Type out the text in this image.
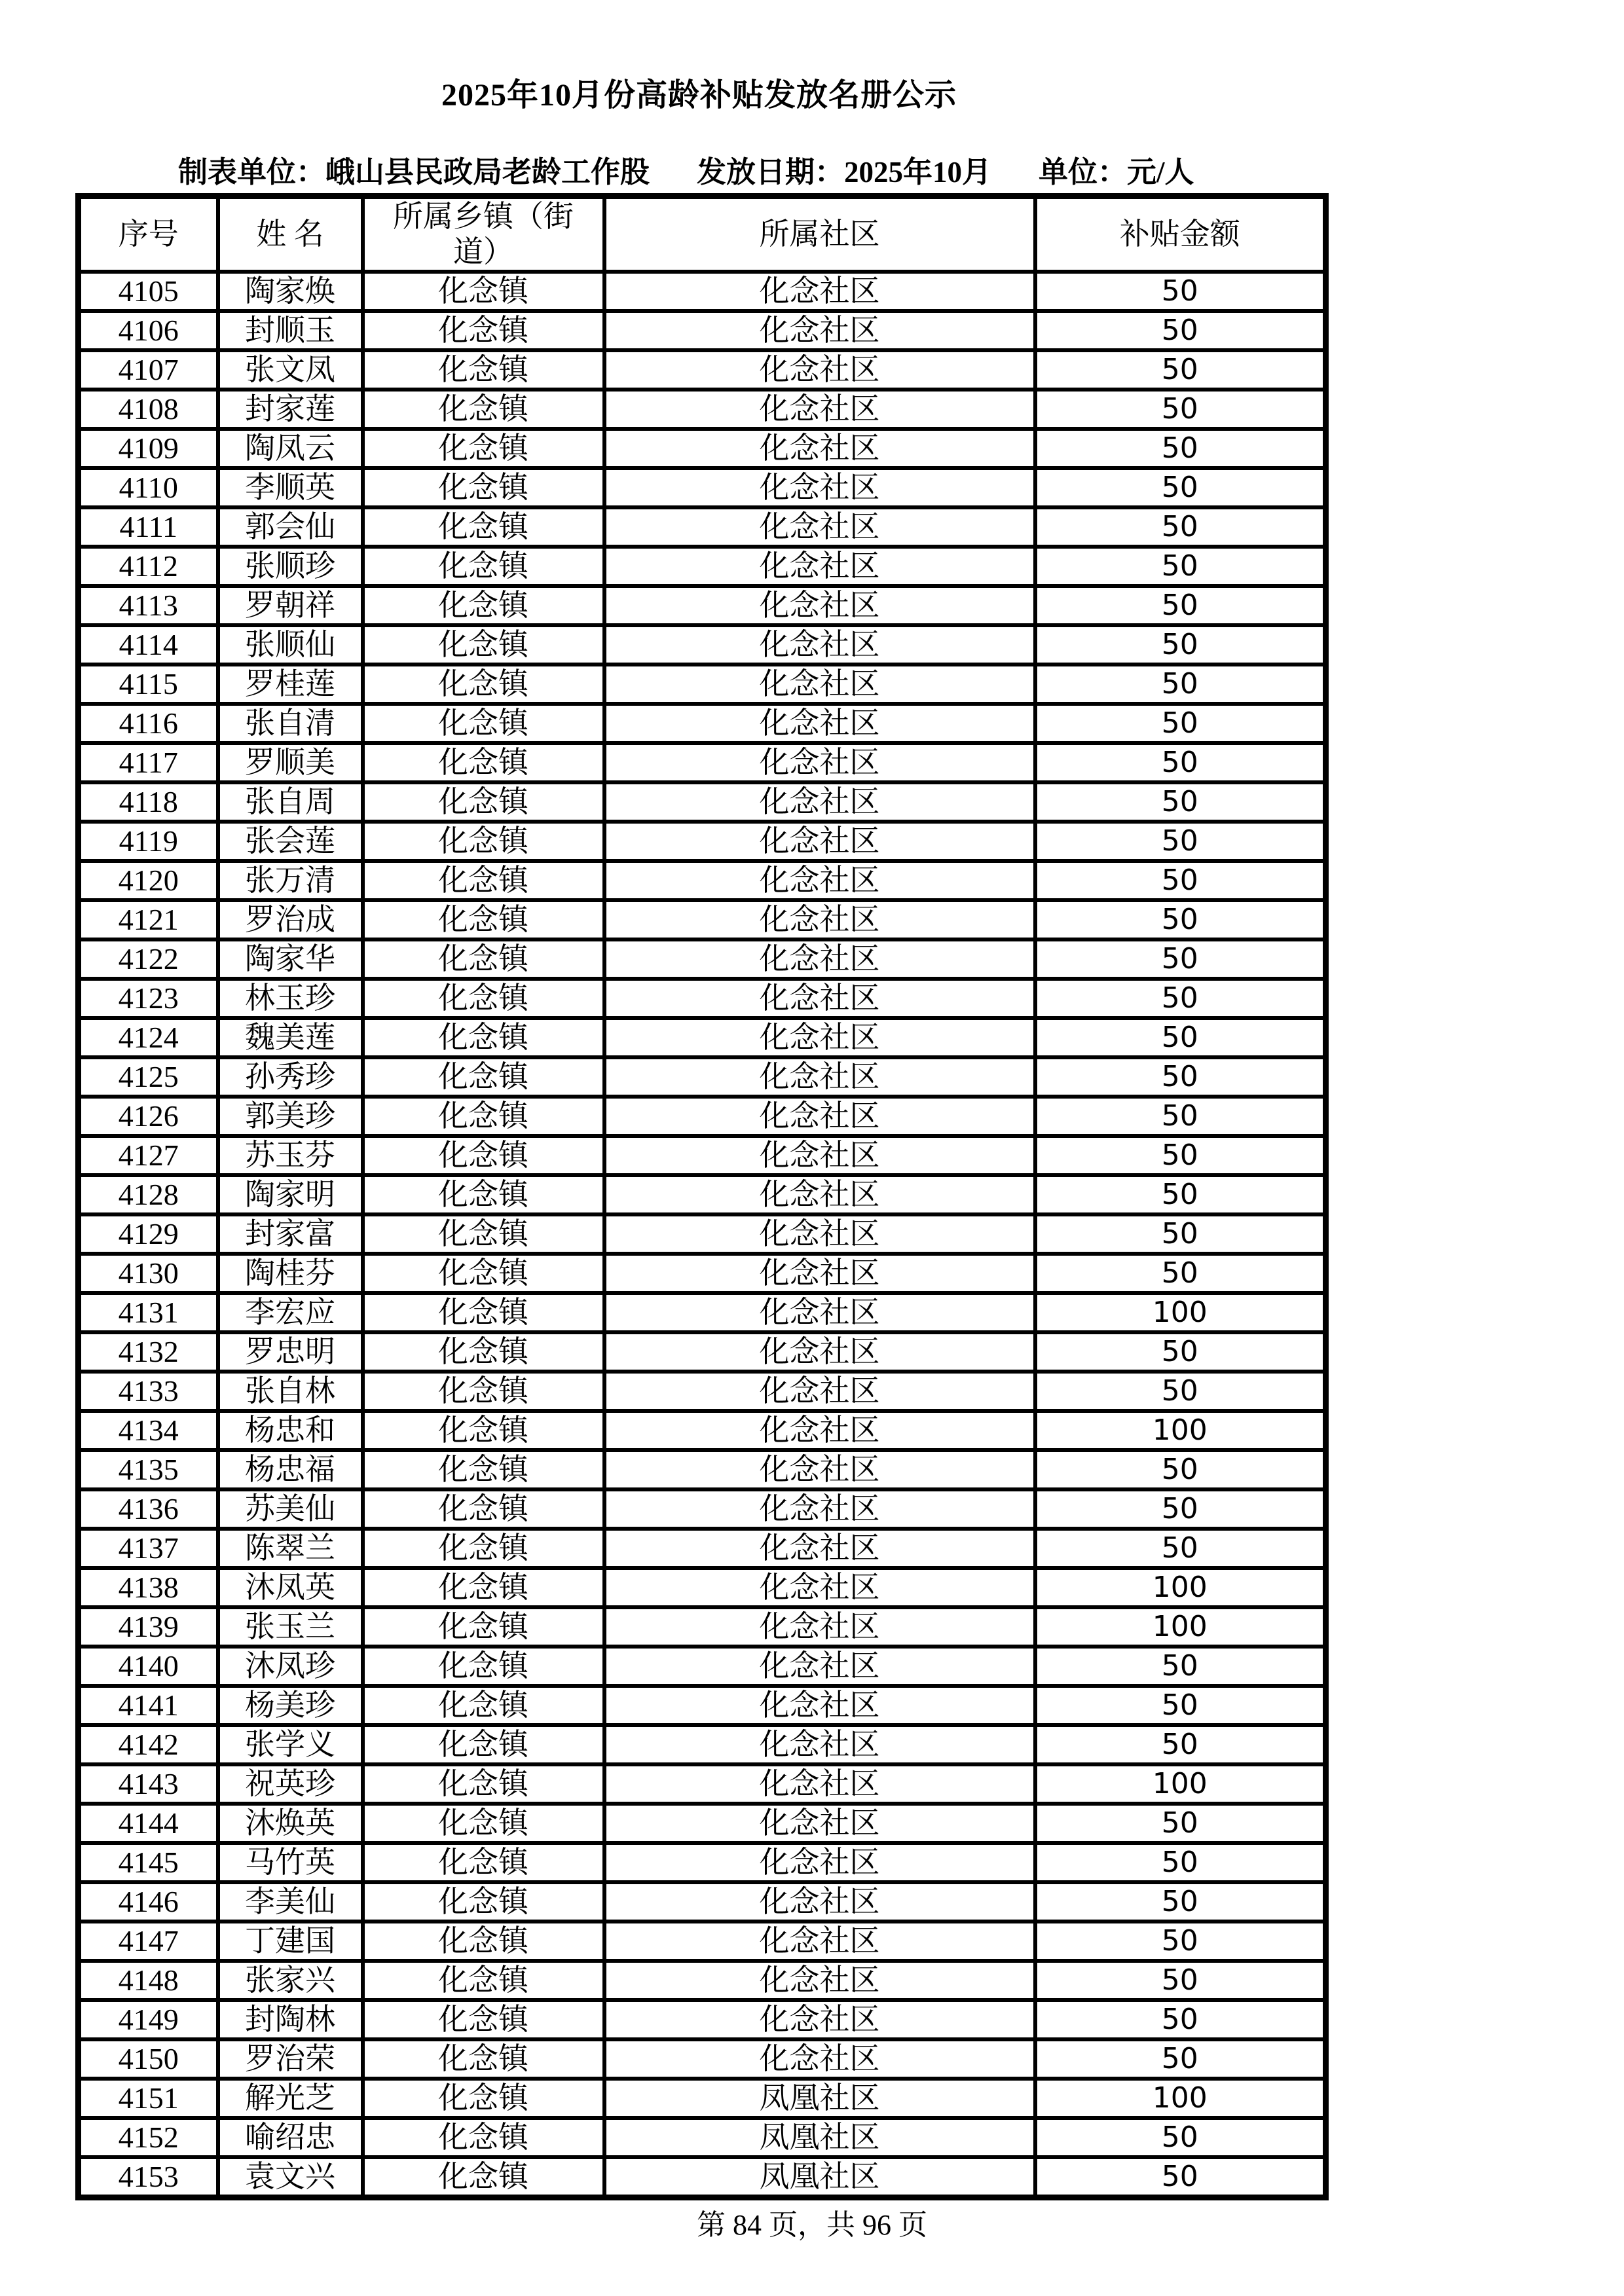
2025年10月份高龄补贴发放名册公示
制表单位：峨山县民政局老龄工作股 发放日期：2025年10月 单位：元/人
序号	姓 名	所属乡镇（街道）	所属社区	补贴金额
4105	陶家焕	化念镇	化念社区	50
4106	封顺玉	化念镇	化念社区	50
4107	张文凤	化念镇	化念社区	50
4108	封家莲	化念镇	化念社区	50
4109	陶凤云	化念镇	化念社区	50
4110	李顺英	化念镇	化念社区	50
4111	郭会仙	化念镇	化念社区	50
4112	张顺珍	化念镇	化念社区	50
4113	罗朝祥	化念镇	化念社区	50
4114	张顺仙	化念镇	化念社区	50
4115	罗桂莲	化念镇	化念社区	50
4116	张自清	化念镇	化念社区	50
4117	罗顺美	化念镇	化念社区	50
4118	张自周	化念镇	化念社区	50
4119	张会莲	化念镇	化念社区	50
4120	张万清	化念镇	化念社区	50
4121	罗治成	化念镇	化念社区	50
4122	陶家华	化念镇	化念社区	50
4123	林玉珍	化念镇	化念社区	50
4124	魏美莲	化念镇	化念社区	50
4125	孙秀珍	化念镇	化念社区	50
4126	郭美珍	化念镇	化念社区	50
4127	苏玉芬	化念镇	化念社区	50
4128	陶家明	化念镇	化念社区	50
4129	封家富	化念镇	化念社区	50
4130	陶桂芬	化念镇	化念社区	50
4131	李宏应	化念镇	化念社区	100
4132	罗忠明	化念镇	化念社区	50
4133	张自林	化念镇	化念社区	50
4134	杨忠和	化念镇	化念社区	100
4135	杨忠福	化念镇	化念社区	50
4136	苏美仙	化念镇	化念社区	50
4137	陈翠兰	化念镇	化念社区	50
4138	沐凤英	化念镇	化念社区	100
4139	张玉兰	化念镇	化念社区	100
4140	沐凤珍	化念镇	化念社区	50
4141	杨美珍	化念镇	化念社区	50
4142	张学义	化念镇	化念社区	50
4143	祝英珍	化念镇	化念社区	100
4144	沐焕英	化念镇	化念社区	50
4145	马竹英	化念镇	化念社区	50
4146	李美仙	化念镇	化念社区	50
4147	丁建国	化念镇	化念社区	50
4148	张家兴	化念镇	化念社区	50
4149	封陶林	化念镇	化念社区	50
4150	罗治荣	化念镇	化念社区	50
4151	解光芝	化念镇	凤凰社区	100
4152	喻绍忠	化念镇	凤凰社区	50
4153	袁文兴	化念镇	凤凰社区	50
第 84 页，共 96 页
